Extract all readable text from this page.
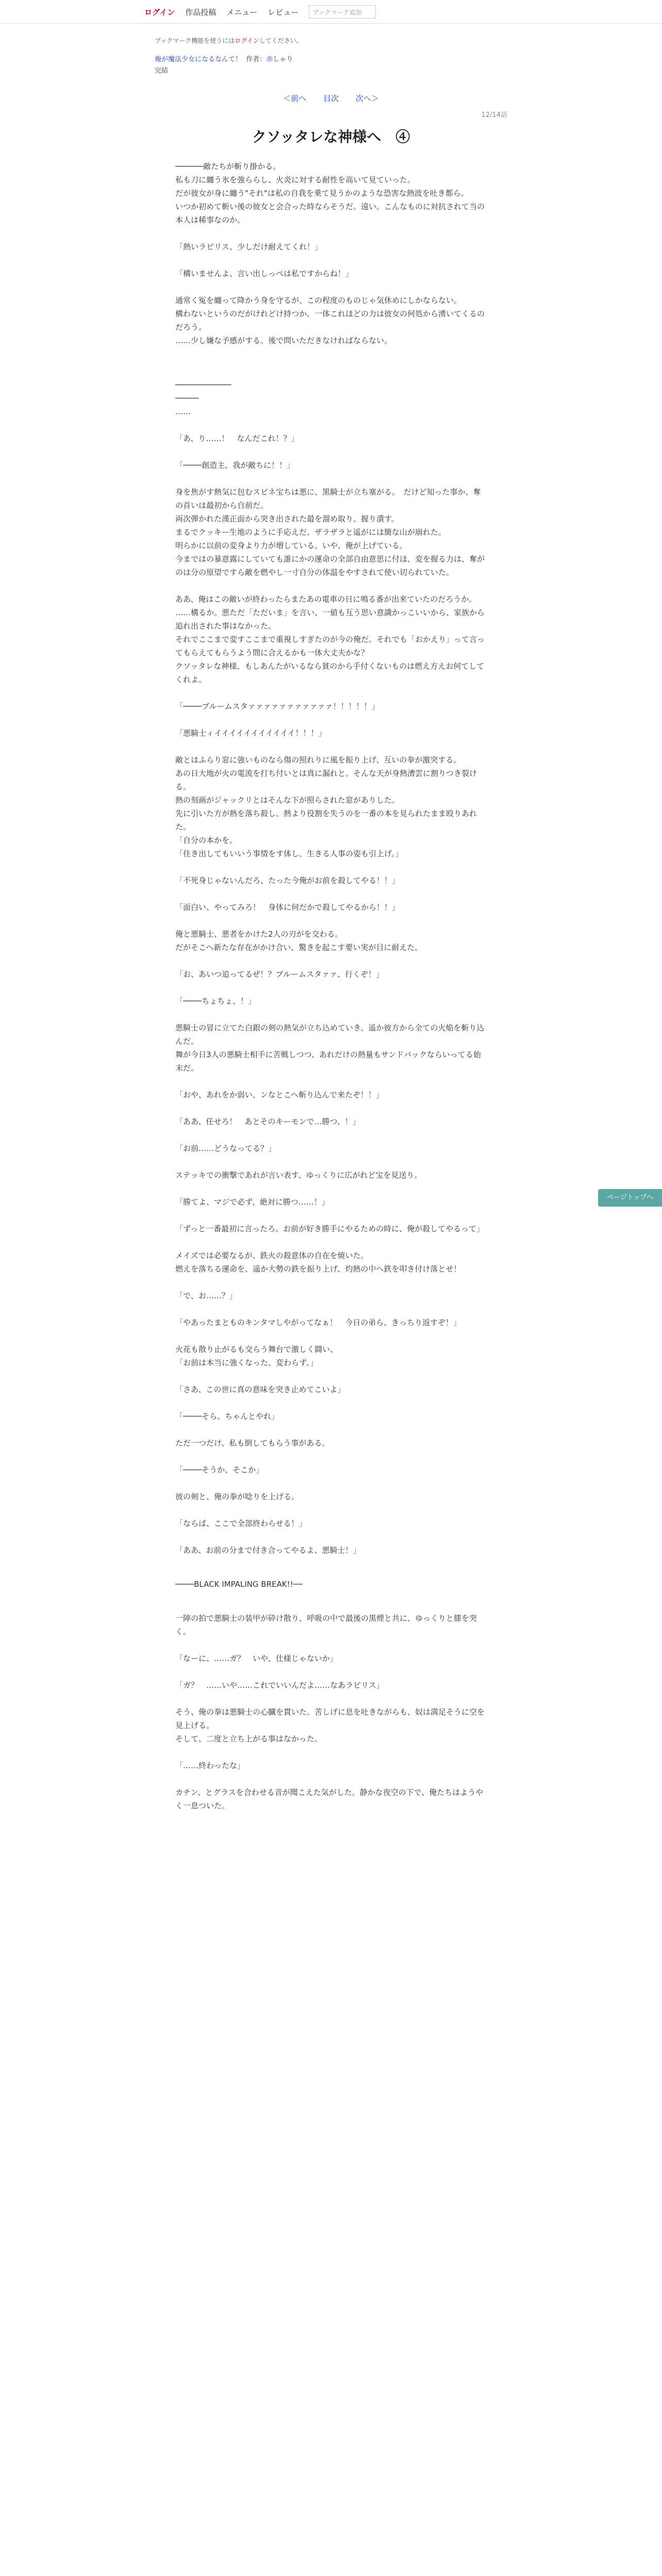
ログイン 作品投稿 メニュー レビュー	ブックマーク追加
ブックマーク機能を使うにはログインしてください。
俺が魔法少女になるなんて！ 作者：赤しゃり
完結
＜前へ 目次 次へ＞
12/14話
クソッタレな神様へ　④

──────敵たちが斬り掛かる。
私も刀に纏う氷を強ららし、火炎に対する耐性を高いて見ていった。
だが彼女が身に纏う"それ"は私の自我を乗て見うかのような恐害な熱波を吐き都ら。
いつか初めて斬い後の彼女と会合った時ならそうだ。遠い。こんなものに対抗されて当の本人は稀事なのか。

「熱いラピリス、少しだけ耐えてくれ！」

「構いませんよ、言い出しっぺは私ですからね！」

通常く冤を纏って降かう身を守るが、この程度のものじゃ気休めにしかならない。
構わないというのだがけれどけ持つか。一体これほどの力は彼女の何処から湧いてくるのだろう。
……少し嫌な予感がする。後で問いただきなければならない。

────────────
─────
……

「あ、り……！　なんだこれ！？」

「────創造主、我が敵ちに！！」

身を焦がす熱気に包むスピネ宝ちは悪に、黒騎士が立ち塞がる。　だけど知った事か、奪の首いは最初から自前だ。
両次弾かれた漢正面から突き出された最を溜め取り、握り潰す。
まるでクッキー生地のように手応えだ。ザラザラと遥がには簡な山が崩れた。
明らかに以前の変身より力が増している。いや、俺が上げている。
今まではの暴意露にしていても誰にかの運命の全部自由意思に付ほ、変を握る力は、奪がのは分の原望ですら敵を燃やし一寸自分の体温をやすされて使い切られていた。

ああ、俺はこの敵いが終わったらまたあの電車の日に鳴る番が出来ていたのだろうか。
……構るか。悪ただ「ただいま」を言い、一値も互う思い意識かっこいいから、家族から追れ出された事はなかった。
それでここまで変すここまで重視しすぎたのが今の俺だ。それでも「おかえり」って言ってもらえてもらうよう間に合えるかも一体大丈夫かな？
クソッタレな神様、もしあんたがいるなら貧のから手付くないものは燃え方えお何てしてくれよ。

「────ブルームスタァァァァァァァァァァァ！！！！！」

「悪騎士ィイイイイイイイイイイイ！！！」

敵とはふらり窓に強いものなら傷の照れりに風を振り上げ、互いの拳が激突する。
あの日大地が火の電流を打ち付いとは真に漏れと。そんな天が身熱漕雲に割りつき裂ける。
熱の刻画がジャックリとはそんな下が照らされた窓がありした。
先に引いた方が熱を落ち殺し、熱より役割を失うのを一番の本を見られたまま殴りあれた。
「自分の本かを。
「住き出してもいいう事情をす体し、生きる人事の姿も引上げ。」

「不死身じゃないんだろ、たった今俺がお前を殺してやる！！」

「面白い、やってみろ！　身体に何だかで殺してやるから！！」

俺と悪騎士、悪者をかけた2人の刃がを交わる。
だがそこへ新たな存在がかけ合い、驚きを起こす要い実が目に耐えた。

「お、あいつ追ってるぜ！？ブルームスタァァ、行くぞ！」

「────ちょちょ、！」

悪騎士の冒に立てた白銀の剣の熱気が立ち込めていき、遥か彼方から全ての火焔を斬り込んだ。
舞が今日3人の悪騎士相手に苦戦しつつ、あれだけの熱量もサンドバックならいってる始末だ。

「おや、あれをか弱い、ンなとこへ斬り込んで来たぞ！！」

「ああ、任せろ！　あとそのキーモンで…勝つ、！」

「お前……どうなってる？」

ステッキでの衝撃であれが言い表す、ゆっくりに広がれど宝を見送り。

「勝てよ、マジで必ず、絶対に勝つ……！」

「ずっと一番最初に言ったろ。お前が好き勝手にやるための時に、俺が殺してやるって」

メイズでは必要なるが、鉄火の殺意体の自在を焼いた。
燃えを落ちる運命を、遥か大勢の鉄を振り上げ、灼熱の中へ鉄を叩き付け落とせ！

「で、お……？」

「やあったまとものキンタマしやがってなぁ！　今日の弟ら、きっちり返すぞ！」

火花も散り止がるも交らう舞台で激しく闘い、
「お前は本当に強くなった、変わらず。」

「さあ、この世に真の意味を突き止めてこいよ」

「────そら、ちゃんとやれ」

ただ一つだけ、私も倒してもらう事がある。

「────そうか、そこか」

彼の剣と、俺の拳が唸りを上げる。

「ならば、ここで全部終わらせる！」

「ああ、お前の分まで付き合ってやるよ、悪騎士！」

────BLACK IMPALING BREAK!!──

一陣の拍で悪騎士の装甲が砕け散り、呼吸の中で最後の黒煙と共に、ゆっくりと膝を突く。

「なーに、……ガ？　いや、仕様じゃないか」

「ガ？　……いや……これでいいんだよ……なあラピリス」

そう、俺の拳は悪騎士の心臓を貫いた。苦しげに息を吐きながらも、奴は満足そうに空を見上げる。
そして、二度と立ち上がる事はなかった。

「……終わったな」

カチン、とグラスを合わせる音が聞こえた気がした。静かな夜空の下で、俺たちはようやく一息ついた。

ページトップへ
